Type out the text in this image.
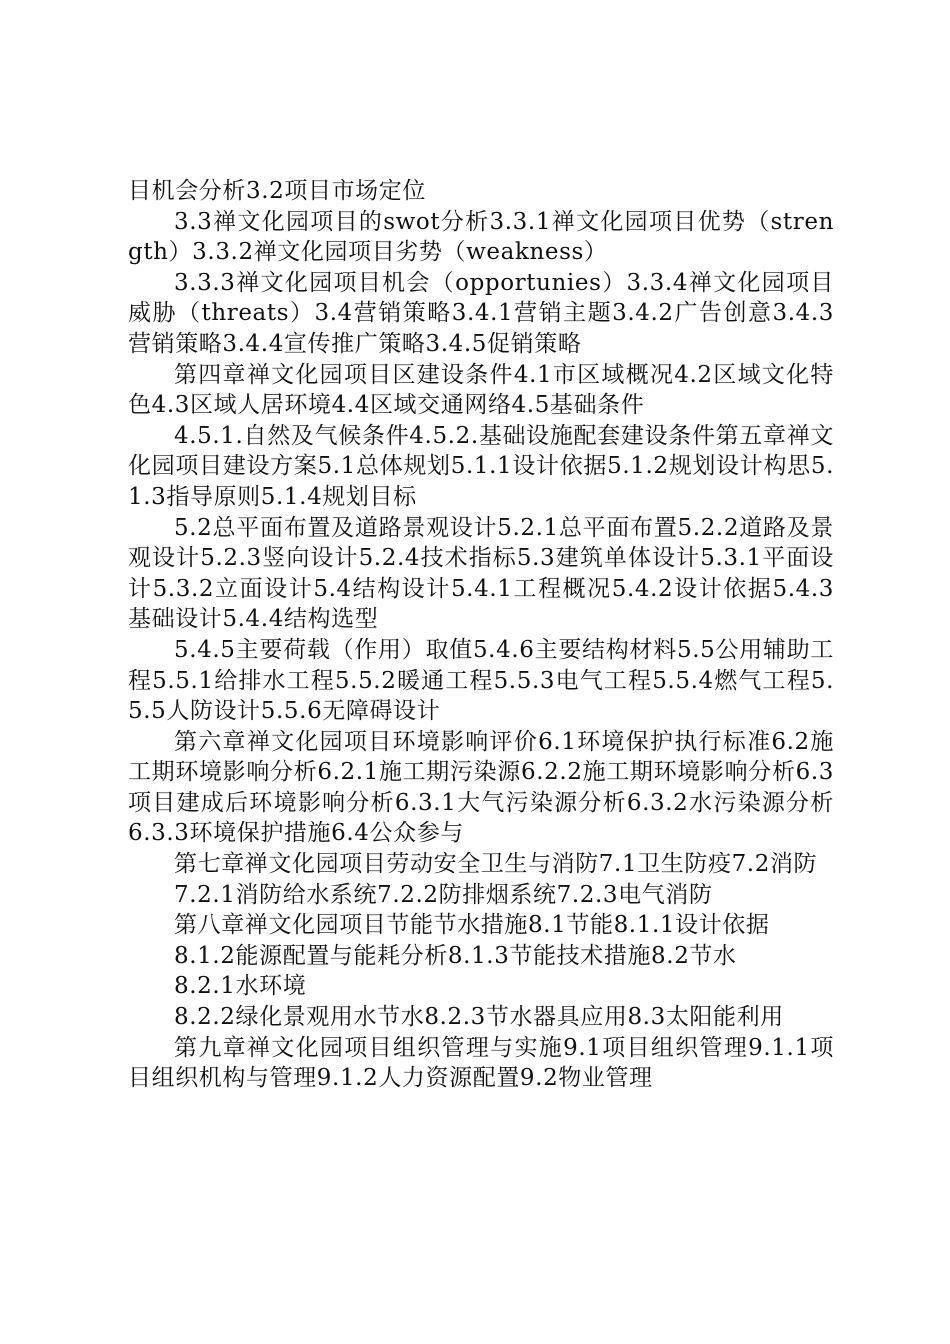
目机会分析3.2项目市场定位

3.3禅文化园项目的swot分析3.3.1禅文化园项目优势（strength）3.3.2禅文化园项目劣势（weakness）

3.3.3禅文化园项目机会（opportunies）3.3.4禅文化园项目威胁（threats）3.4营销策略3.4.1营销主题3.4.2广告创意3.4.3营销策略3.4.4宣传推广策略3.4.5促销策略

第四章禅文化园项目区建设条件4.1市区域概况4.2区域文化特色4.3区域人居环境4.4区域交通网络4.5基础条件

4.5.1.自然及气候条件4.5.2.基础设施配套建设条件第五章禅文化园项目建设方案5.1总体规划5.1.1设计依据5.1.2规划设计构思5.1.3指导原则5.1.4规划目标

5.2总平面布置及道路景观设计5.2.1总平面布置5.2.2道路及景观设计5.2.3竖向设计5.2.4技术指标5.3建筑单体设计5.3.1平面设计5.3.2立面设计5.4结构设计5.4.1工程概况5.4.2设计依据5.4.3基础设计5.4.4结构选型

5.4.5主要荷载（作用）取值5.4.6主要结构材料5.5公用辅助工程5.5.1给排水工程5.5.2暖通工程5.5.3电气工程5.5.4燃气工程5.5.5人防设计5.5.6无障碍设计

第六章禅文化园项目环境影响评价6.1环境保护执行标准6.2施工期环境影响分析6.2.1施工期污染源6.2.2施工期环境影响分析6.3项目建成后环境影响分析6.3.1大气污染源分析6.3.2水污染源分析6.3.3环境保护措施6.4公众参与

第七章禅文化园项目劳动安全卫生与消防7.1卫生防疫7.2消防

7.2.1消防给水系统7.2.2防排烟系统7.2.3电气消防

第八章禅文化园项目节能节水措施8.1节能8.1.1设计依据

8.1.2能源配置与能耗分析8.1.3节能技术措施8.2节水

8.2.1水环境

8.2.2绿化景观用水节水8.2.3节水器具应用8.3太阳能利用

第九章禅文化园项目组织管理与实施9.1项目组织管理9.1.1项目组织机构与管理9.1.2人力资源配置9.2物业管理
